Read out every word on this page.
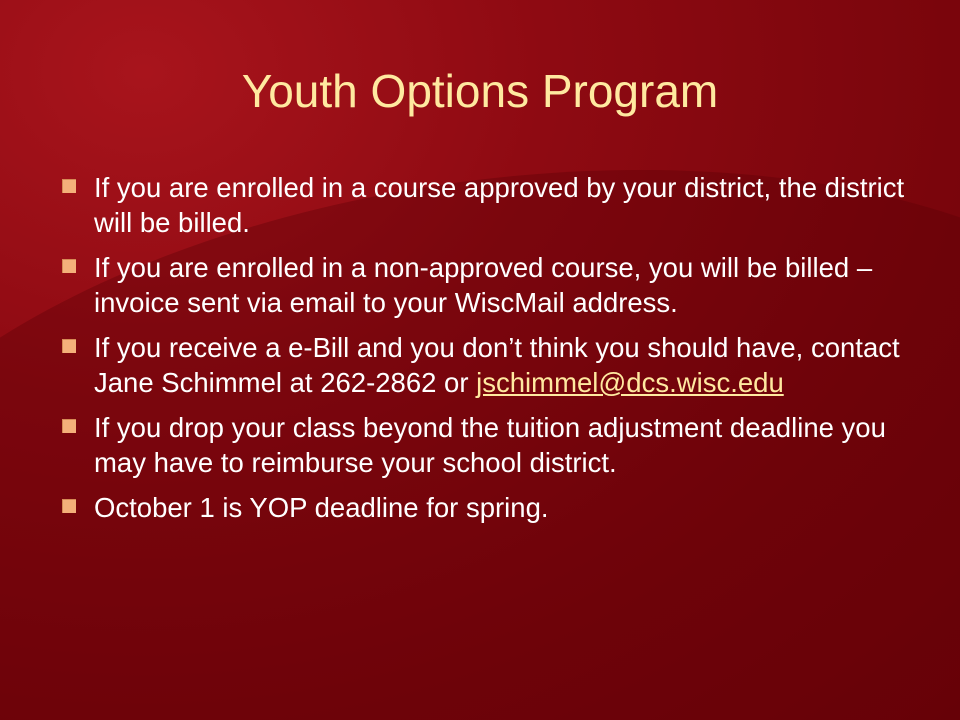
Youth Options Program
If you are enrolled in a course approved by your district, the district will be billed.
If you are enrolled in a non-approved course, you will be billed – invoice sent via email to your WiscMail address.
If you receive a e-Bill and you don’t think you should have, contact Jane Schimmel at 262-2862 or jschimmel@dcs.wisc.edu
If you drop your class beyond the tuition adjustment deadline you may have to reimburse your school district.
October 1 is YOP deadline for spring.
